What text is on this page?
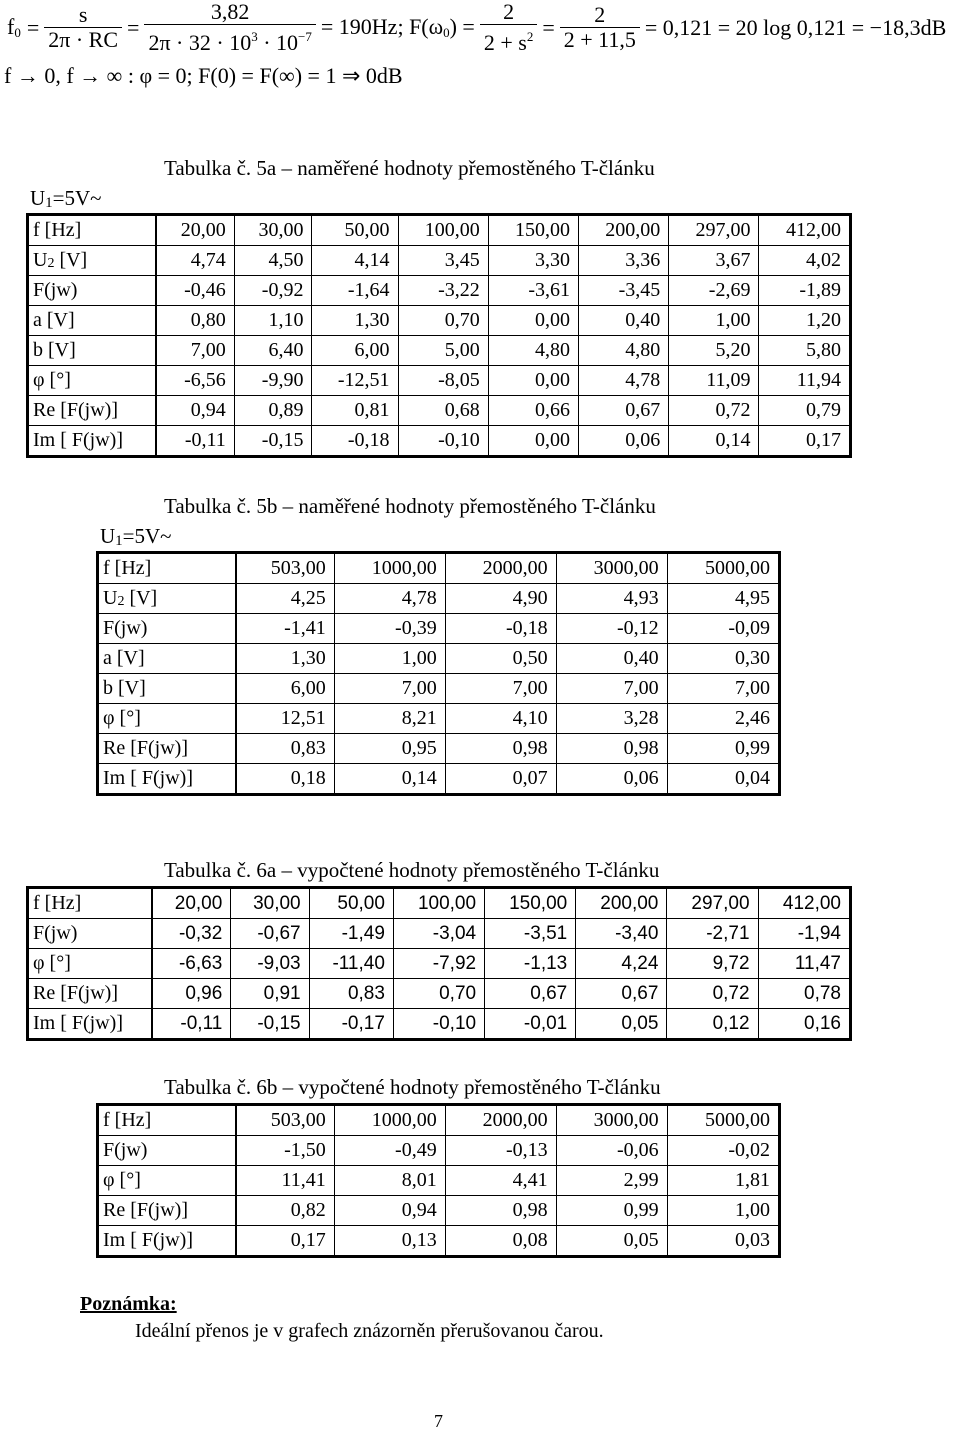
$f_0 = \frac{s}{2\pi \cdot RC} = \frac{3,82}{2\pi \cdot 32 \cdot 10^3 \cdot 10^{-7}} = 190Hz$; $F(\omega_0) = \frac{2}{2 + s^2} = \frac{2}{2 + 11,5} = 0,121 = 20$ log 0,121 = −18,3dB
f → 0, f → ∞ : φ = 0; F(0) = F(∞) = 1 ⇒ 0dB
Tabulka č. 5a – naměřené hodnoty přemostěného T-článku
$U_1=5V\sim$
f [Hz]	20,00	30,00	50,00	100,00	150,00	200,00	297,00	412,00
U2 [V]	4,74	4,50	4,14	3,45	3,30	3,36	3,67	4,02
F(jw)	-0,46	-0,92	-1,64	-3,22	-3,61	-3,45	-2,69	-1,89
a [V]	0,80	1,10	1,30	0,70	0,00	0,40	1,00	1,20
b [V]	7,00	6,40	6,00	5,00	4,80	4,80	5,20	5,80
φ [°]	-6,56	-9,90	-12,51	-8,05	0,00	4,78	11,09	11,94
Re [F(jw)]	0,94	0,89	0,81	0,68	0,66	0,67	0,72	0,79
Im [ F(jw)]	-0,11	-0,15	-0,18	-0,10	0,00	0,06	0,14	0,17
Tabulka č. 5b – naměřené hodnoty přemostěného T-článku
$U_1=5V\sim$
f [Hz]	503,00	1000,00	2000,00	3000,00	5000,00
U2 [V]	4,25	4,78	4,90	4,93	4,95
F(jw)	-1,41	-0,39	-0,18	-0,12	-0,09
a [V]	1,30	1,00	0,50	0,40	0,30
b [V]	6,00	7,00	7,00	7,00	7,00
φ [°]	12,51	8,21	4,10	3,28	2,46
Re [F(jw)]	0,83	0,95	0,98	0,98	0,99
Im [ F(jw)]	0,18	0,14	0,07	0,06	0,04
Tabulka č. 6a – vypočtené hodnoty přemostěného T-článku
f [Hz]	20,00	30,00	50,00	100,00	150,00	200,00	297,00	412,00
F(jw)	-0,32	-0,67	-1,49	-3,04	-3,51	-3,40	-2,71	-1,94
φ [°]	-6,63	-9,03	-11,40	-7,92	-1,13	4,24	9,72	11,47
Re [F(jw)]	0,96	0,91	0,83	0,70	0,67	0,67	0,72	0,78
Im [ F(jw)]	-0,11	-0,15	-0,17	-0,10	-0,01	0,05	0,12	0,16
Tabulka č. 6b – vypočtené hodnoty přemostěného T-článku
f [Hz]	503,00	1000,00	2000,00	3000,00	5000,00
F(jw)	-1,50	-0,49	-0,13	-0,06	-0,02
φ [°]	11,41	8,01	4,41	2,99	1,81
Re [F(jw)]	0,82	0,94	0,98	0,99	1,00
Im [ F(jw)]	0,17	0,13	0,08	0,05	0,03
Poznámka:
Ideální přenos je v grafech znázorněn přerušovanou čarou.
7
